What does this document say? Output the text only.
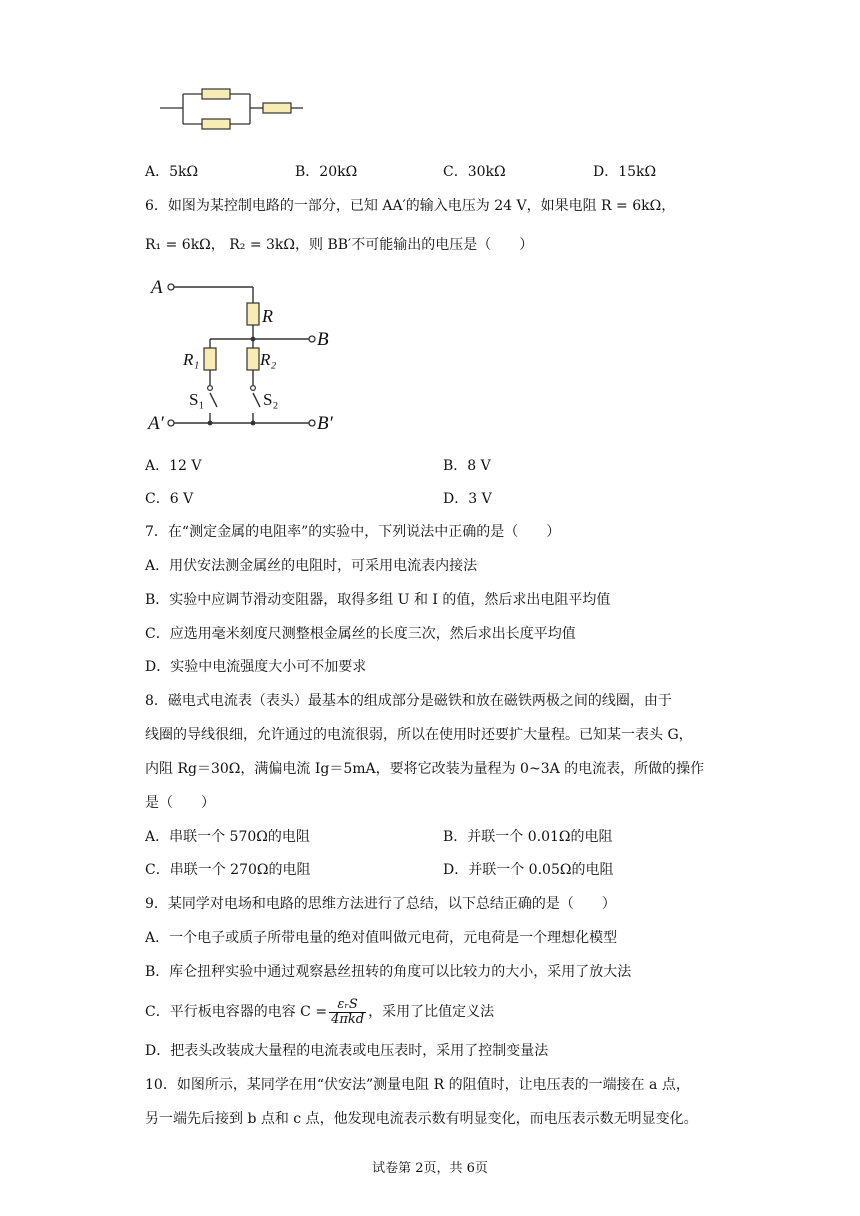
A．5kΩ	B．20kΩ	C．30kΩ	D．15kΩ
6．如图为某控制电路的一部分，已知 AA′的输入电压为 24 V，如果电阻 R = 6kΩ，
R₁ = 6kΩ， R₂ = 3kΩ，则 BB′不可能输出的电压是（　　）
A
R
B
R₁	R₂
S₁	S₂
A′	B′
A．12 V	B．8 V
C．6 V	D．3 V
7．在“测定金属的电阻率”的实验中，下列说法中正确的是（　　）
A．用伏安法测金属丝的电阻时，可采用电流表内接法
B．实验中应调节滑动变阻器，取得多组 U 和 I 的值，然后求出电阻平均值
C．应选用毫米刻度尺测整根金属丝的长度三次，然后求出长度平均值
D．实验中电流强度大小可不加要求
8．磁电式电流表（表头）最基本的组成部分是磁铁和放在磁铁两极之间的线圈，由于
线圈的导线很细，允许通过的电流很弱，所以在使用时还要扩大量程。已知某一表头 G，
内阻 Rg＝30Ω，满偏电流 Ig＝5mA，要将它改装为量程为 0~3A 的电流表，所做的操作
是（　　）
A．串联一个 570Ω的电阻	B．并联一个 0.01Ω的电阻
C．串联一个 270Ω的电阻	D．并联一个 0.05Ω的电阻
9．某同学对电场和电路的思维方法进行了总结，以下总结正确的是（　　）
A．一个电子或质子所带电量的绝对值叫做元电荷，元电荷是一个理想化模型
B．库仑扭秤实验中通过观察悬丝扭转的角度可以比较力的大小，采用了放大法
C．平行板电容器的电容 $C = \frac{\text{εᵣS}}{\text{4πkd}}$ ，采用了比值定义法
D．把表头改装成大量程的电流表或电压表时，采用了控制变量法
10．如图所示，某同学在用“伏安法”测量电阻 R 的阻值时，让电压表的一端接在 a 点，
另一端先后接到 b 点和 c 点，他发现电流表示数有明显变化，而电压表示数无明显变化。
试卷第 2页，共 6页
